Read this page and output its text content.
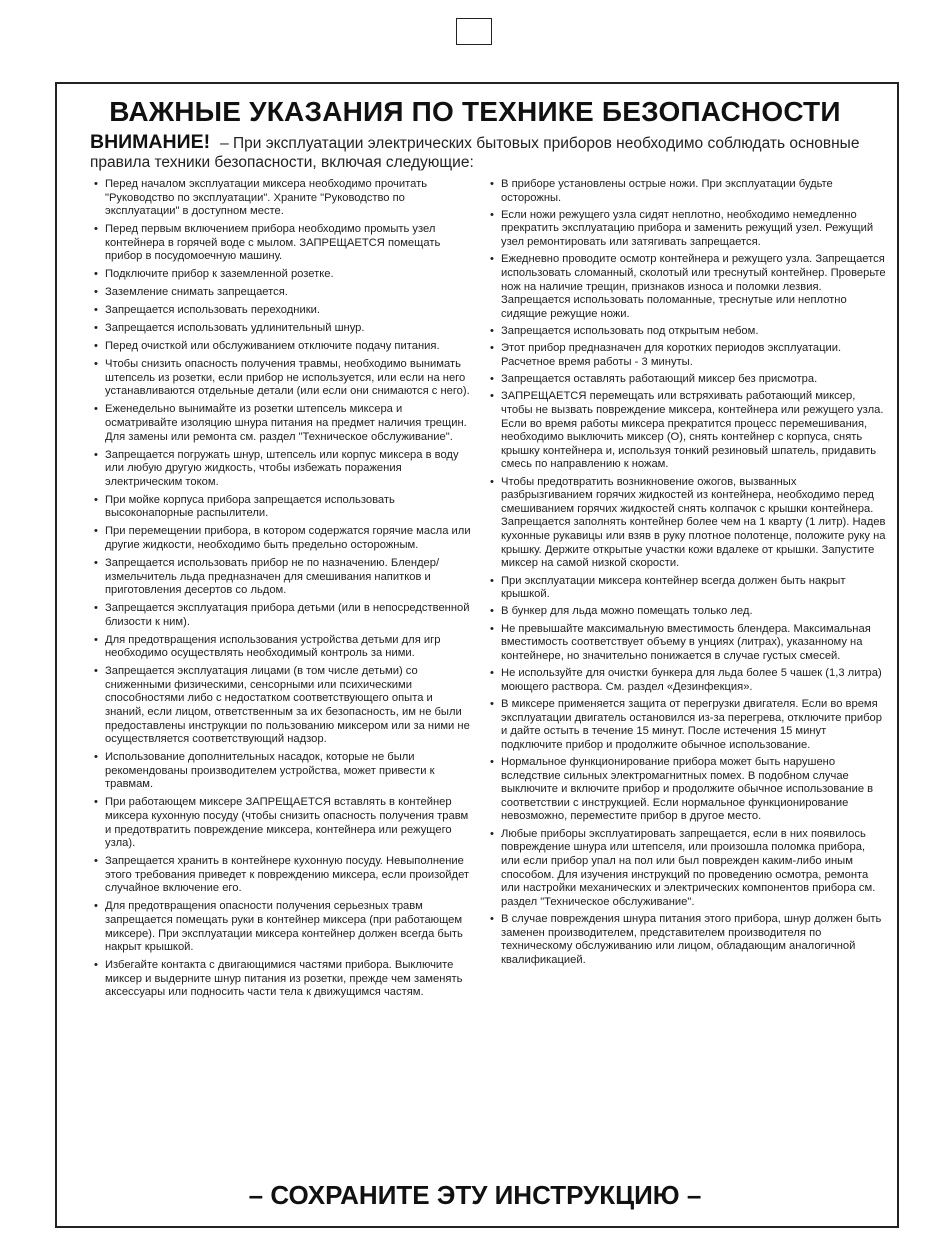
ВАЖНЫЕ УКАЗАНИЯ ПО ТЕХНИКЕ БЕЗОПАСНОСТИ
ВНИМАНИЕ! – При эксплуатации электрических бытовых приборов необходимо соблюдать основные правила техники безопасности, включая следующие:
• Перед началом эксплуатации миксера необходимо прочитать "Руководство по эксплуатации". Храните "Руководство по эксплуатации" в доступном месте.
• Перед первым включением прибора необходимо промыть узел контейнера в горячей воде с мылом. ЗАПРЕЩАЕТСЯ помещать прибор в посудомоечную машину.
• Подключите прибор к заземленной розетке.
• Заземление снимать запрещается.
• Запрещается использовать переходники.
• Запрещается использовать удлинительный шнур.
• Перед очисткой или обслуживанием отключите подачу питания.
• Чтобы снизить опасность получения травмы, необходимо вынимать штепсель из розетки, если прибор не используется, или если на него устанавливаются отдельные детали (или если они снимаются с него).
• Еженедельно вынимайте из розетки штепсель миксера и осматривайте изоляцию шнура питания на предмет наличия трещин. Для замены или ремонта см. раздел "Техническое обслуживание".
• Запрещается погружать шнур, штепсель или корпус миксера в воду или любую другую жидкость, чтобы избежать поражения электрическим током.
• При мойке корпуса прибора запрещается использовать высоконапорные распылители.
• При перемещении прибора, в котором содержатся горячие масла или другие жидкости, необходимо быть предельно осторожным.
• Запрещается использовать прибор не по назначению. Блендер/измельчитель льда предназначен для смешивания напитков и приготовления десертов со льдом.
• Запрещается эксплуатация прибора детьми (или в непосредственной близости к ним).
• Для предотвращения использования устройства детьми для игр необходимо осуществлять необходимый контроль за ними.
• Запрещается эксплуатация лицами (в том числе детьми) со сниженными физическими, сенсорными или психическими способностями либо с недостатком соответствующего опыта и знаний, если лицом, ответственным за их безопасность, им не были предоставлены инструкции по пользованию миксером или за ними не осуществляется соответствующий надзор.
• Использование дополнительных насадок, которые не были рекомендованы производителем устройства, может привести к травмам.
• При работающем миксере ЗАПРЕЩАЕТСЯ вставлять в контейнер миксера кухонную посуду (чтобы снизить опасность получения травм и предотвратить повреждение миксера, контейнера или режущего узла).
• Запрещается хранить в контейнере кухонную посуду. Невыполнение этого требования приведет к повреждению миксера, если произойдет случайное включение его.
• Для предотвращения опасности получения серьезных травм запрещается помещать руки в контейнер миксера (при работающем миксере). При эксплуатации миксера контейнер должен всегда быть накрыт крышкой.
• Избегайте контакта с двигающимися частями прибора. Выключите миксер и выдерните шнур питания из розетки, прежде чем заменять аксессуары или подносить части тела к движущимся частям.
• В приборе установлены острые ножи. При эксплуатации будьте осторожны.
• Если ножи режущего узла сидят неплотно, необходимо немедленно прекратить эксплуатацию прибора и заменить режущий узел. Режущий узел ремонтировать или затягивать запрещается.
• Ежедневно проводите осмотр контейнера и режущего узла. Запрещается использовать сломанный, сколотый или треснутый контейнер. Проверьте нож на наличие трещин, признаков износа и поломки лезвия. Запрещается использовать поломанные, треснутые или неплотно сидящие режущие ножи.
• Запрещается использовать под открытым небом.
• Этот прибор предназначен для коротких периодов эксплуатации. Расчетное время работы - 3 минуты.
• Запрещается оставлять работающий миксер без присмотра.
• ЗАПРЕЩАЕТСЯ перемещать или встряхивать работающий миксер, чтобы не вызвать повреждение миксера, контейнера или режущего узла. Если во время работы миксера прекратится процесс перемешивания, необходимо выключить миксер (O), снять контейнер с корпуса, снять крышку контейнера и, используя тонкий резиновый шпатель, придавить смесь по направлению к ножам.
• Чтобы предотвратить возникновение ожогов, вызванных разбрызгиванием горячих жидкостей из контейнера, необходимо перед смешиванием горячих жидкостей снять колпачок с крышки контейнера. Запрещается заполнять контейнер более чем на 1 кварту (1 литр). Надев кухонные рукавицы или взяв в руку плотное полотенце, положите руку на крышку. Держите открытые участки кожи вдалеке от крышки. Запустите миксер на самой низкой скорости.
• При эксплуатации миксера контейнер всегда должен быть накрыт крышкой.
• В бункер для льда можно помещать только лед.
• Не превышайте максимальную вместимость блендера. Максимальная вместимость соответствует объему в унциях (литрах), указанному на контейнере, но значительно понижается в случае густых смесей.
• Не используйте для очистки бункера для льда более 5 чашек (1,3 литра) моющего раствора. См. раздел «Дезинфекция».
• В миксере применяется защита от перегрузки двигателя. Если во время эксплуатации двигатель остановился из-за перегрева, отключите прибор и дайте остыть в течение 15 минут. После истечения 15 минут подключите прибор и продолжите обычное использование.
• Нормальное функционирование прибора может быть нарушено вследствие сильных электромагнитных помех. В подобном случае выключите и включите прибор и продолжите обычное использование в соответствии с инструкцией. Если нормальное функционирование невозможно, переместите прибор в другое место.
• Любые приборы эксплуатировать запрещается, если в них появилось повреждение шнура или штепселя, или произошла поломка прибора, или если прибор упал на пол или был поврежден каким-либо иным способом. Для изучения инструкций по проведению осмотра, ремонта или настройки механических и электрических компонентов прибора см. раздел "Техническое обслуживание".
• В случае повреждения шнура питания этого прибора, шнур должен быть заменен производителем, представителем производителя по техническому обслуживанию или лицом, обладающим аналогичной квалификацией.
– СОХРАНИТЕ ЭТУ ИНСТРУКЦИЮ –
